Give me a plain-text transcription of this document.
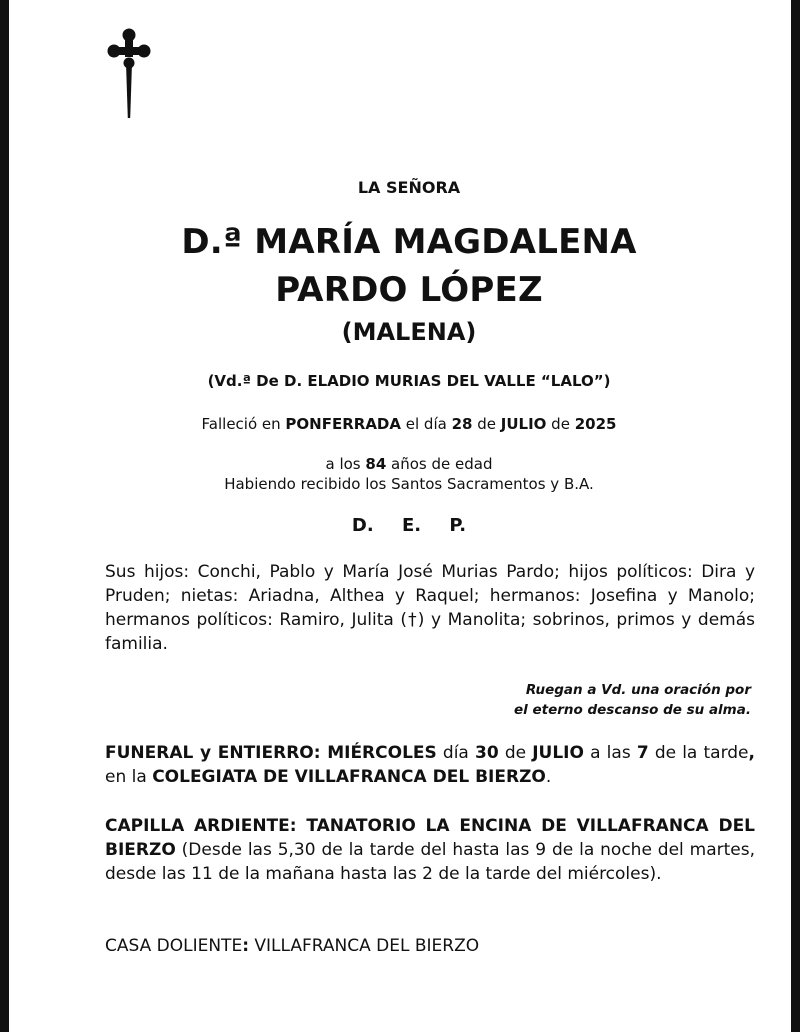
LA SEÑORA
D.ª MARÍA MAGDALENA
PARDO LÓPEZ
(MALENA)
(Vd.ª De D. ELADIO MURIAS DEL VALLE “LALO”)
Falleció en PONFERRADA el día 28 de JULIO de 2025
a los 84 años de edad
Habiendo recibido los Santos Sacramentos y B.A.
D. E. P.
Sus hijos: Conchi, Pablo y María José Murias Pardo; hijos políticos: Dira y Pruden; nietas: Ariadna, Althea y Raquel; hermanos: Josefina y Manolo; hermanos políticos: Ramiro, Julita (†) y Manolita; sobrinos, primos y demás familia.
Ruegan a Vd. una oración por
el eterno descanso de su alma.
FUNERAL y ENTIERRO: MIÉRCOLES día 30 de JULIO a las 7 de la tarde, en la COLEGIATA DE VILLAFRANCA DEL BIERZO.
CAPILLA ARDIENTE: TANATORIO LA ENCINA DE VILLAFRANCA DEL BIERZO (Desde las 5,30 de la tarde del hasta las 9 de la noche del martes, desde las 11 de la mañana hasta las 2 de la tarde del miércoles).
CASA DOLIENTE: VILLAFRANCA DEL BIERZO
